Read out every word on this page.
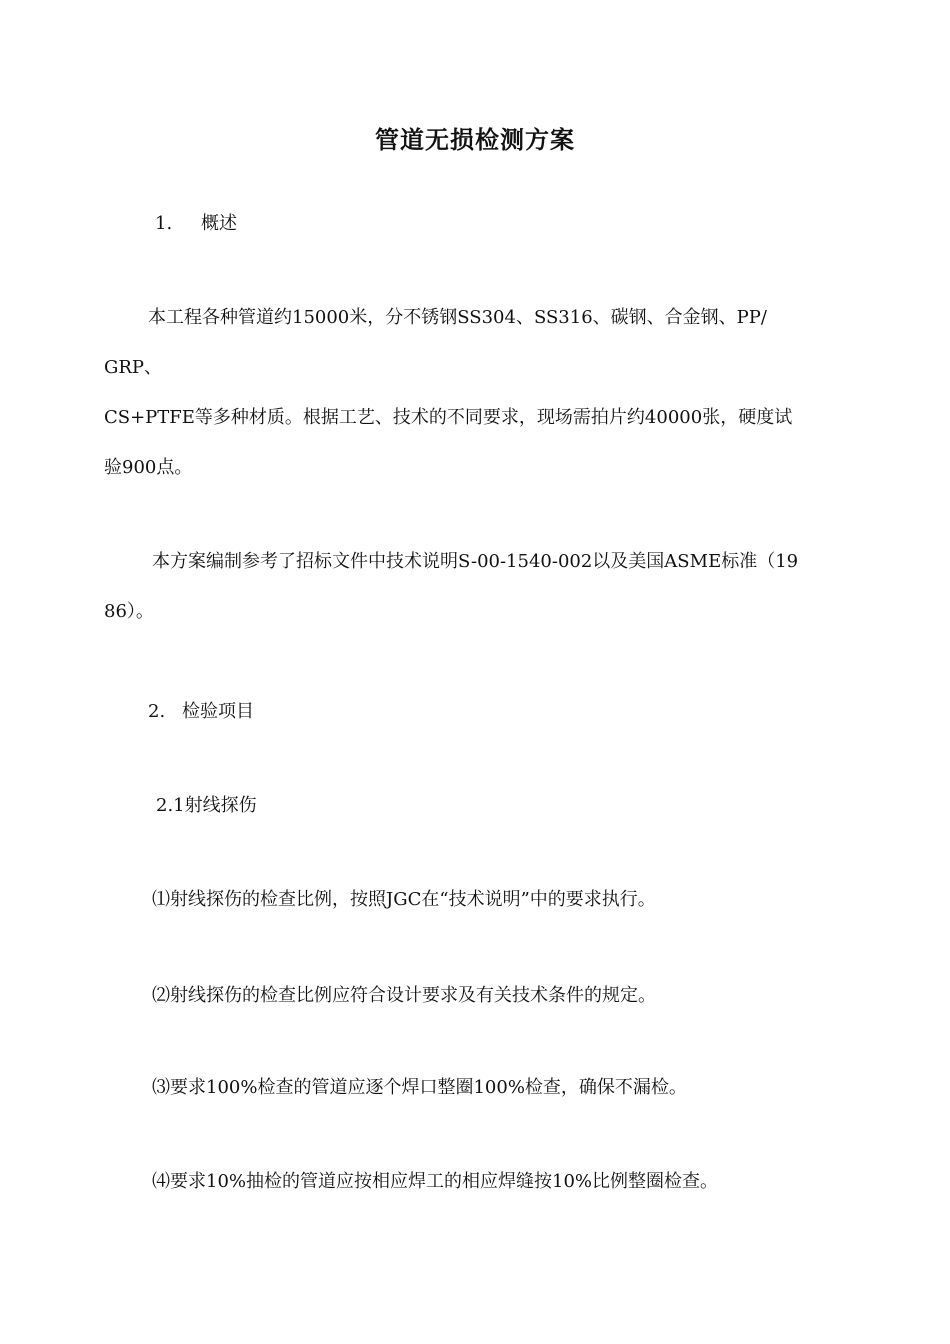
管道无损检测方案
1. 概述
本工程各种管道约15000米，分不锈钢SS304、SS316、碳钢、合金钢、PP/
GRP、
CS+PTFE等多种材质。根据工艺、技术的不同要求，现场需拍片约40000张，硬度试
验900点。
本方案编制参考了招标文件中技术说明S-00-1540-002以及美国ASME标准（19
86）。
2. 检验项目
2.1射线探伤
⑴射线探伤的检查比例，按照JGC在“技术说明”中的要求执行。
⑵射线探伤的检查比例应符合设计要求及有关技术条件的规定。
⑶要求100%检查的管道应逐个焊口整圈100%检查，确保不漏检。
⑷要求10%抽检的管道应按相应焊工的相应焊缝按10%比例整圈检查。
